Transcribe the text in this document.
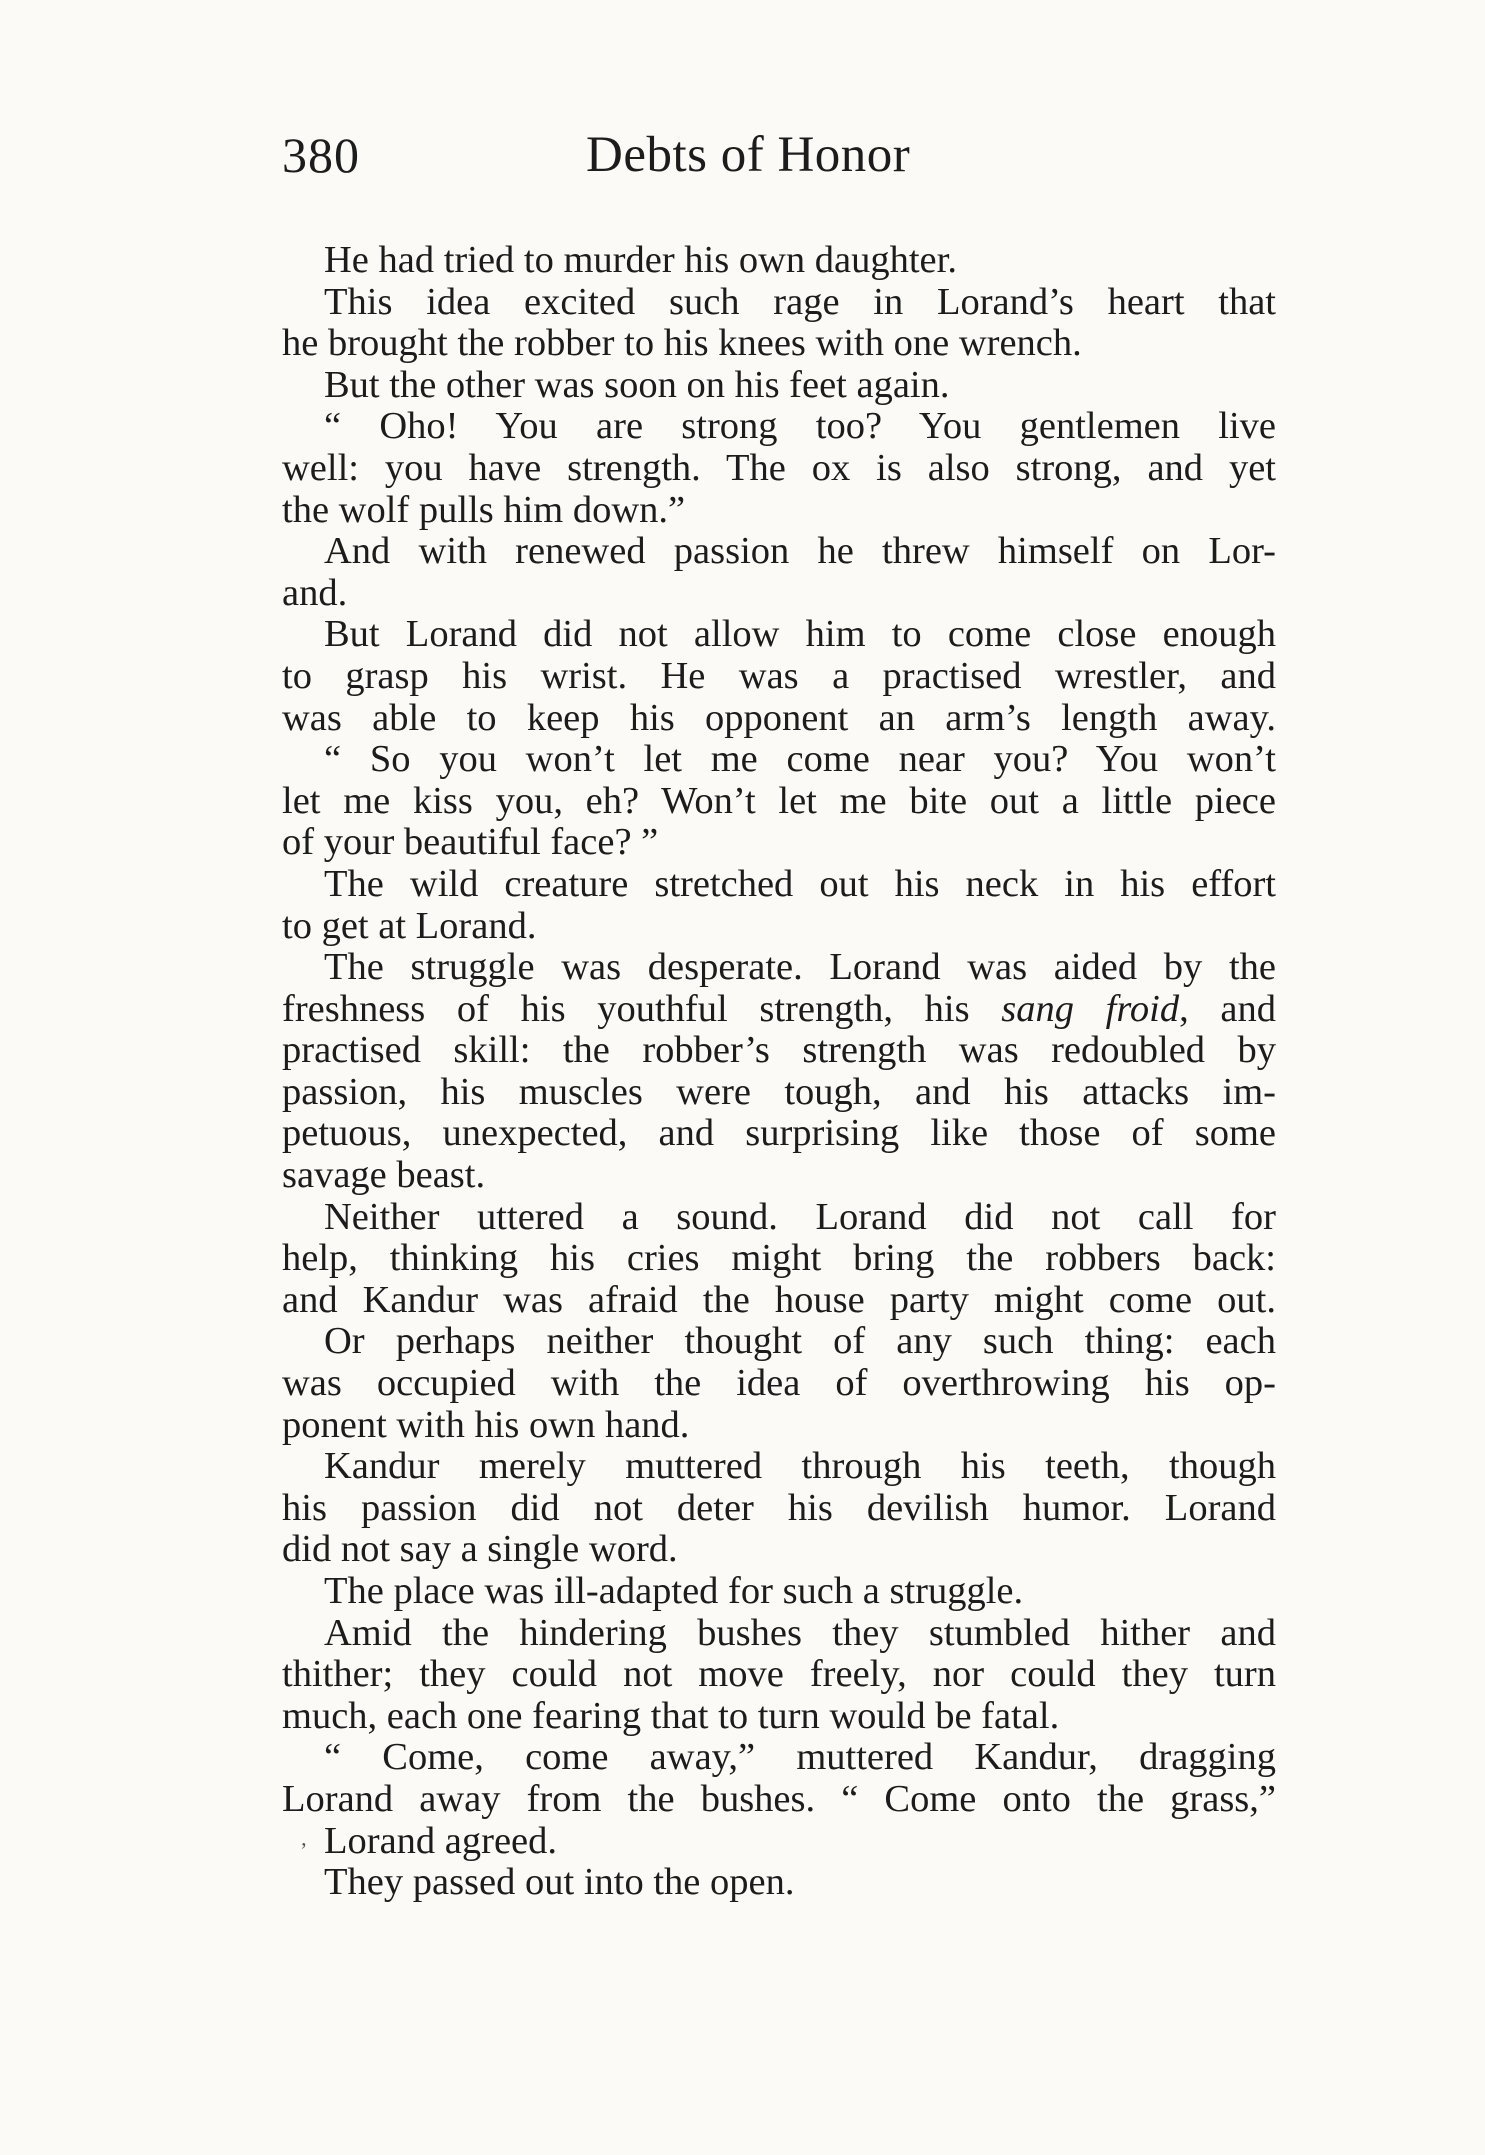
380	Debts of Honor
He had tried to murder his own daughter.
This idea excited such rage in Lorand’s heart that
he brought the robber to his knees with one wrench.
But the other was soon on his feet again.
“ Oho! You are strong too? You gentlemen live
well: you have strength. The ox is also strong, and yet
the wolf pulls him down.”
And with renewed passion he threw himself on Lor-
and.
But Lorand did not allow him to come close enough
to grasp his wrist. He was a practised wrestler, and
was able to keep his opponent an arm’s length away.
“ So you won’t let me come near you? You won’t
let me kiss you, eh? Won’t let me bite out a little piece
of your beautiful face? ”
The wild creature stretched out his neck in his effort
to get at Lorand.
The struggle was desperate. Lorand was aided by the
freshness of his youthful strength, his sang froid, and
practised skill: the robber’s strength was redoubled by
passion, his muscles were tough, and his attacks im-
petuous, unexpected, and surprising like those of some
savage beast.
Neither uttered a sound. Lorand did not call for
help, thinking his cries might bring the robbers back:
and Kandur was afraid the house party might come out.
Or perhaps neither thought of any such thing: each
was occupied with the idea of overthrowing his op-
ponent with his own hand.
Kandur merely muttered through his teeth, though
his passion did not deter his devilish humor. Lorand
did not say a single word.
The place was ill-adapted for such a struggle.
Amid the hindering bushes they stumbled hither and
thither; they could not move freely, nor could they turn
much, each one fearing that to turn would be fatal.
“ Come, come away,” muttered Kandur, dragging
Lorand away from the bushes. “ Come onto the grass,”
Lorand agreed.
They passed out into the open.
ʼ
